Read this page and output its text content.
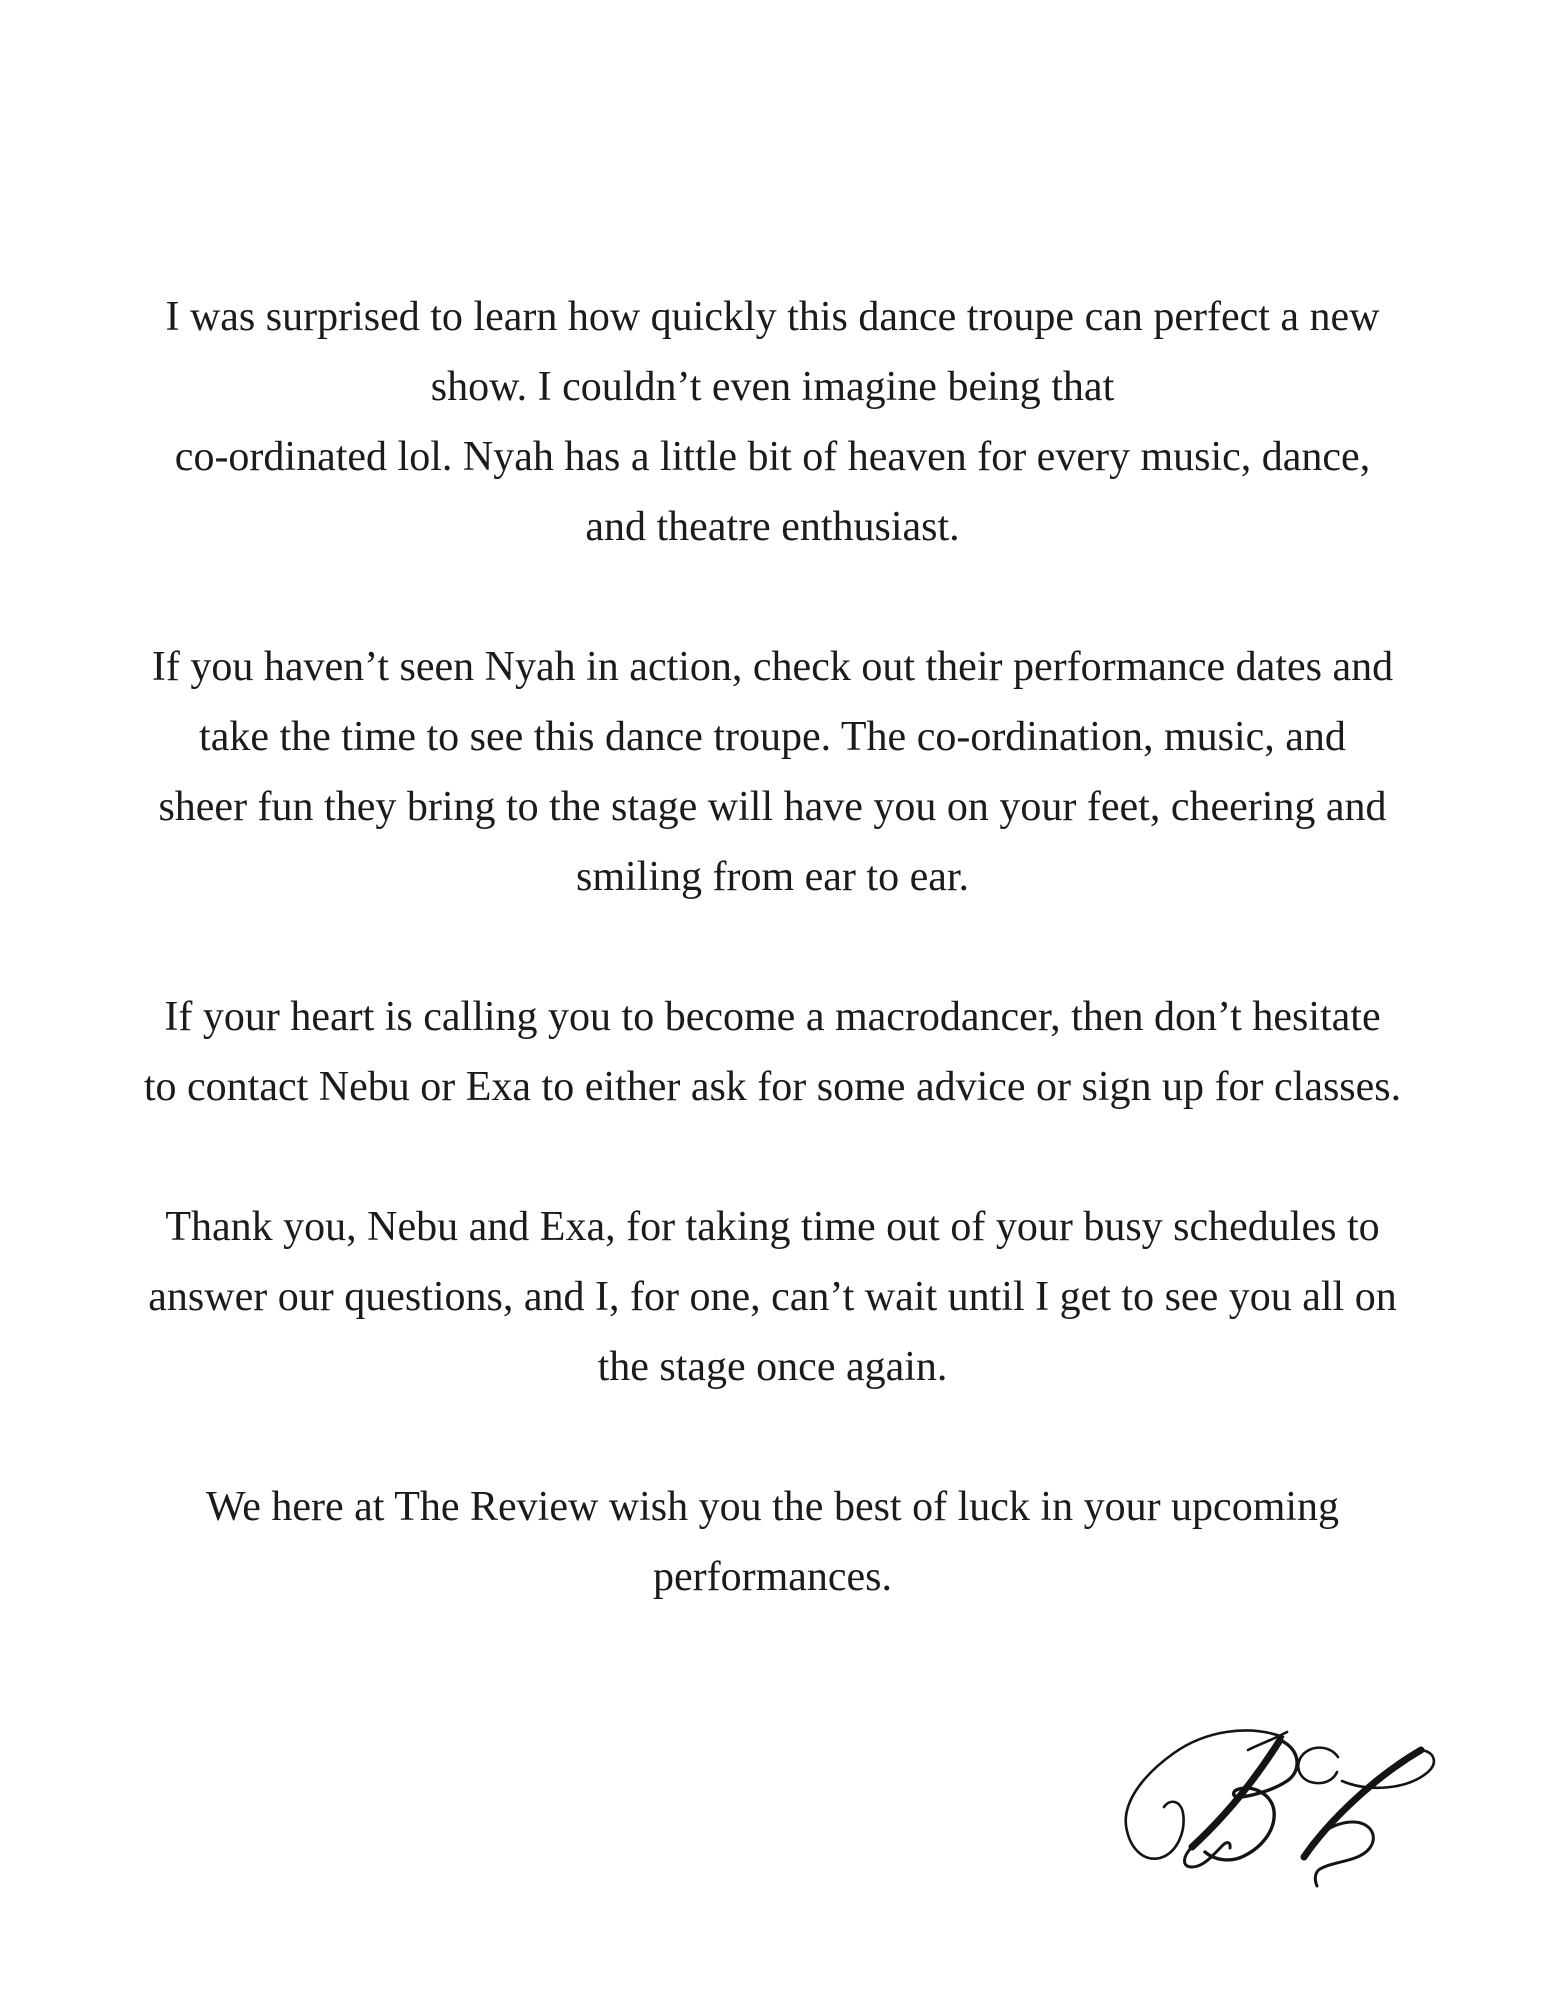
I was surprised to learn how quickly this dance troupe can perfect a new
show. I couldn’t even imagine being that
co-ordinated lol. Nyah has a little bit of heaven for every music, dance,
and theatre enthusiast.
If you haven’t seen Nyah in action, check out their performance dates and
take the time to see this dance troupe. The co-ordination, music, and
sheer fun they bring to the stage will have you on your feet, cheering and
smiling from ear to ear.
If your heart is calling you to become a macrodancer, then don’t hesitate
to contact Nebu or Exa to either ask for some advice or sign up for classes.
Thank you, Nebu and Exa, for taking time out of your busy schedules to
answer our questions, and I, for one, can’t wait until I get to see you all on
the stage once again.
We here at The Review wish you the best of luck in your upcoming
performances.
